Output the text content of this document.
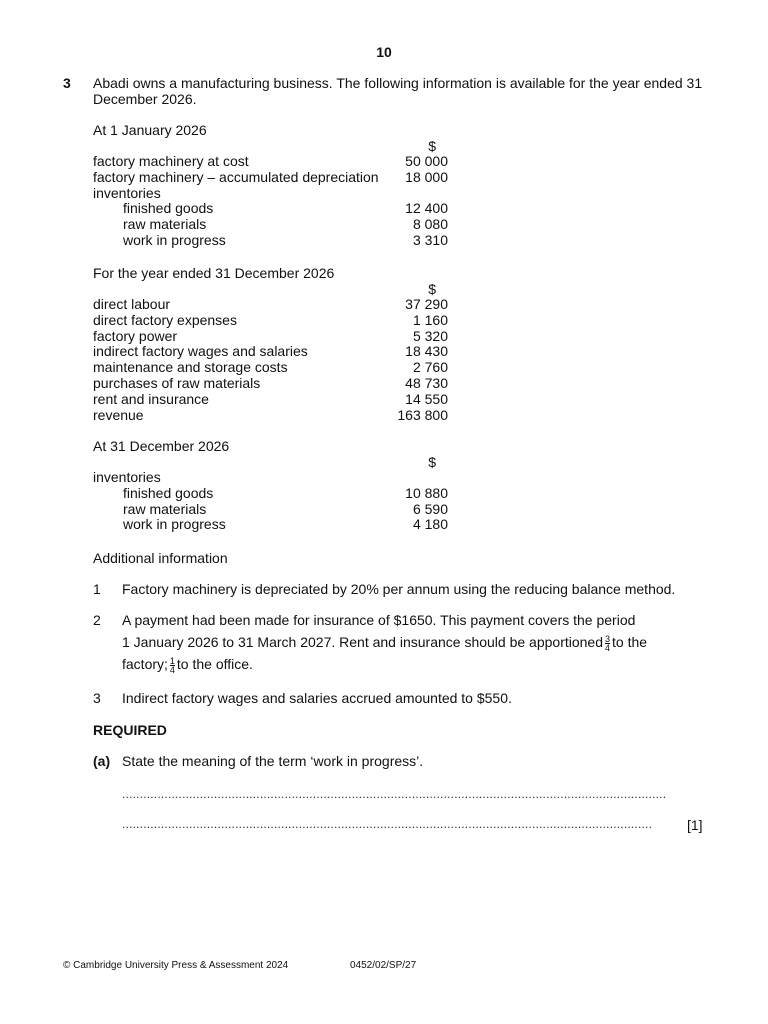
10
3 Abadi owns a manufacturing business. The following information is available for the year ended 31 December 2026.
At 1 January 2026
$
factory machinery at cost	50 000
factory machinery – accumulated depreciation 18 000
inventories
finished goods	12 400
raw materials	8 080
work in progress	3 310
For the year ended 31 December 2026
$
direct labour	37 290
direct factory expenses	1 160
factory power	5 320
indirect factory wages and salaries	18 430
maintenance and storage costs	2 760
purchases of raw materials	48 730
rent and insurance	14 550
revenue	163 800
At 31 December 2026
$
inventories
finished goods	10 880
raw materials	6 590
work in progress	4 180
Additional information
1 Factory machinery is depreciated by 20% per annum using the reducing balance method.
2 A payment had been made for insurance of $1650. This payment covers the period
1 January 2026 to 31 March 2027. Rent and insurance should be apportioned $\frac{3}{4}$ to the
factory; $\frac{1}{4}$ to the office.
3 Indirect factory wages and salaries accrued amounted to $550.
REQUIRED
(a) State the meaning of the term ‘work in progress’.
..........................................................................................................................................................
......................................................................................................................................................	[1]
© Cambridge University Press & Assessment 2024	0452/02/SP/27
